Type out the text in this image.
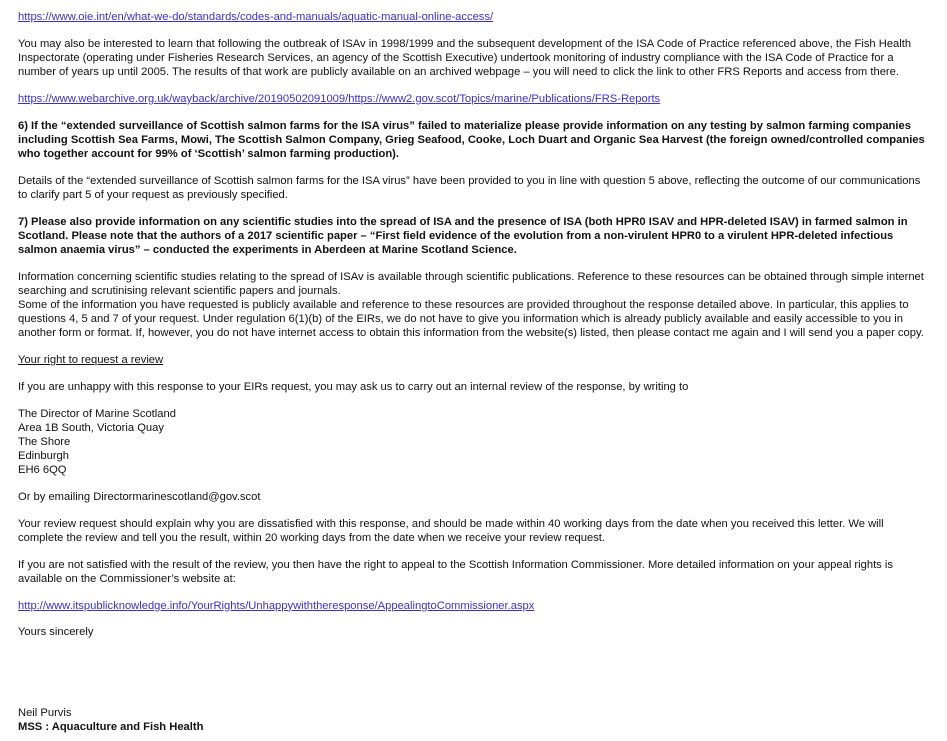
https://www.oie.int/en/what-we-do/standards/codes-and-manuals/aquatic-manual-online-access/

You may also be interested to learn that following the outbreak of ISAv in 1998/1999 and the subsequent development of the ISA Code of Practice referenced above, the Fish Health Inspectorate (operating under Fisheries Research Services, an agency of the Scottish Executive) undertook monitoring of industry compliance with the ISA Code of Practice for a number of years up until 2005. The results of that work are publicly available on an archived webpage – you will need to click the link to other FRS Reports and access from there.

https://www.webarchive.org.uk/wayback/archive/20190502091009/https://www2.gov.scot/Topics/marine/Publications/FRS-Reports

6) If the “extended surveillance of Scottish salmon farms for the ISA virus” failed to materialize please provide information on any testing by salmon farming companies including Scottish Sea Farms, Mowi, The Scottish Salmon Company, Grieg Seafood, Cooke, Loch Duart and Organic Sea Harvest (the foreign owned/controlled companies who together account for 99% of ‘Scottish’ salmon farming production).

Details of the “extended surveillance of Scottish salmon farms for the ISA virus” have been provided to you in line with question 5 above, reflecting the outcome of our communications to clarify part 5 of your request as previously specified.

7) Please also provide information on any scientific studies into the spread of ISA and the presence of ISA (both HPR0 ISAV and HPR-deleted ISAV) in farmed salmon in Scotland. Please note that the authors of a 2017 scientific paper – “First field evidence of the evolution from a non-virulent HPR0 to a virulent HPR-deleted infectious salmon anaemia virus” – conducted the experiments in Aberdeen at Marine Scotland Science.

Information concerning scientific studies relating to the spread of ISAv is available through scientific publications. Reference to these resources can be obtained through simple internet searching and scrutinising relevant scientific papers and journals.

Some of the information you have requested is publicly available and reference to these resources are provided throughout the response detailed above. In particular, this applies to questions 4, 5 and 7 of your request. Under regulation 6(1)(b) of the EIRs, we do not have to give you information which is already publicly available and easily accessible to you in another form or format. If, however, you do not have internet access to obtain this information from the website(s) listed, then please contact me again and I will send you a paper copy.

Your right to request a review

If you are unhappy with this response to your EIRs request, you may ask us to carry out an internal review of the response, by writing to

The Director of Marine Scotland

Area 1B South, Victoria Quay

The Shore

Edinburgh

EH6 6QQ

Or by emailing Directormarinescotland@gov.scot

Your review request should explain why you are dissatisfied with this response, and should be made within 40 working days from the date when you received this letter. We will complete the review and tell you the result, within 20 working days from the date when we receive your review request.

If you are not satisfied with the result of the review, you then have the right to appeal to the Scottish Information Commissioner. More detailed information on your appeal rights is available on the Commissioner’s website at:

http://www.itspublicknowledge.info/YourRights/Unhappywiththeresponse/AppealingtoCommissioner.aspx

Yours sincerely

Neil Purvis

MSS : Aquaculture and Fish Health
